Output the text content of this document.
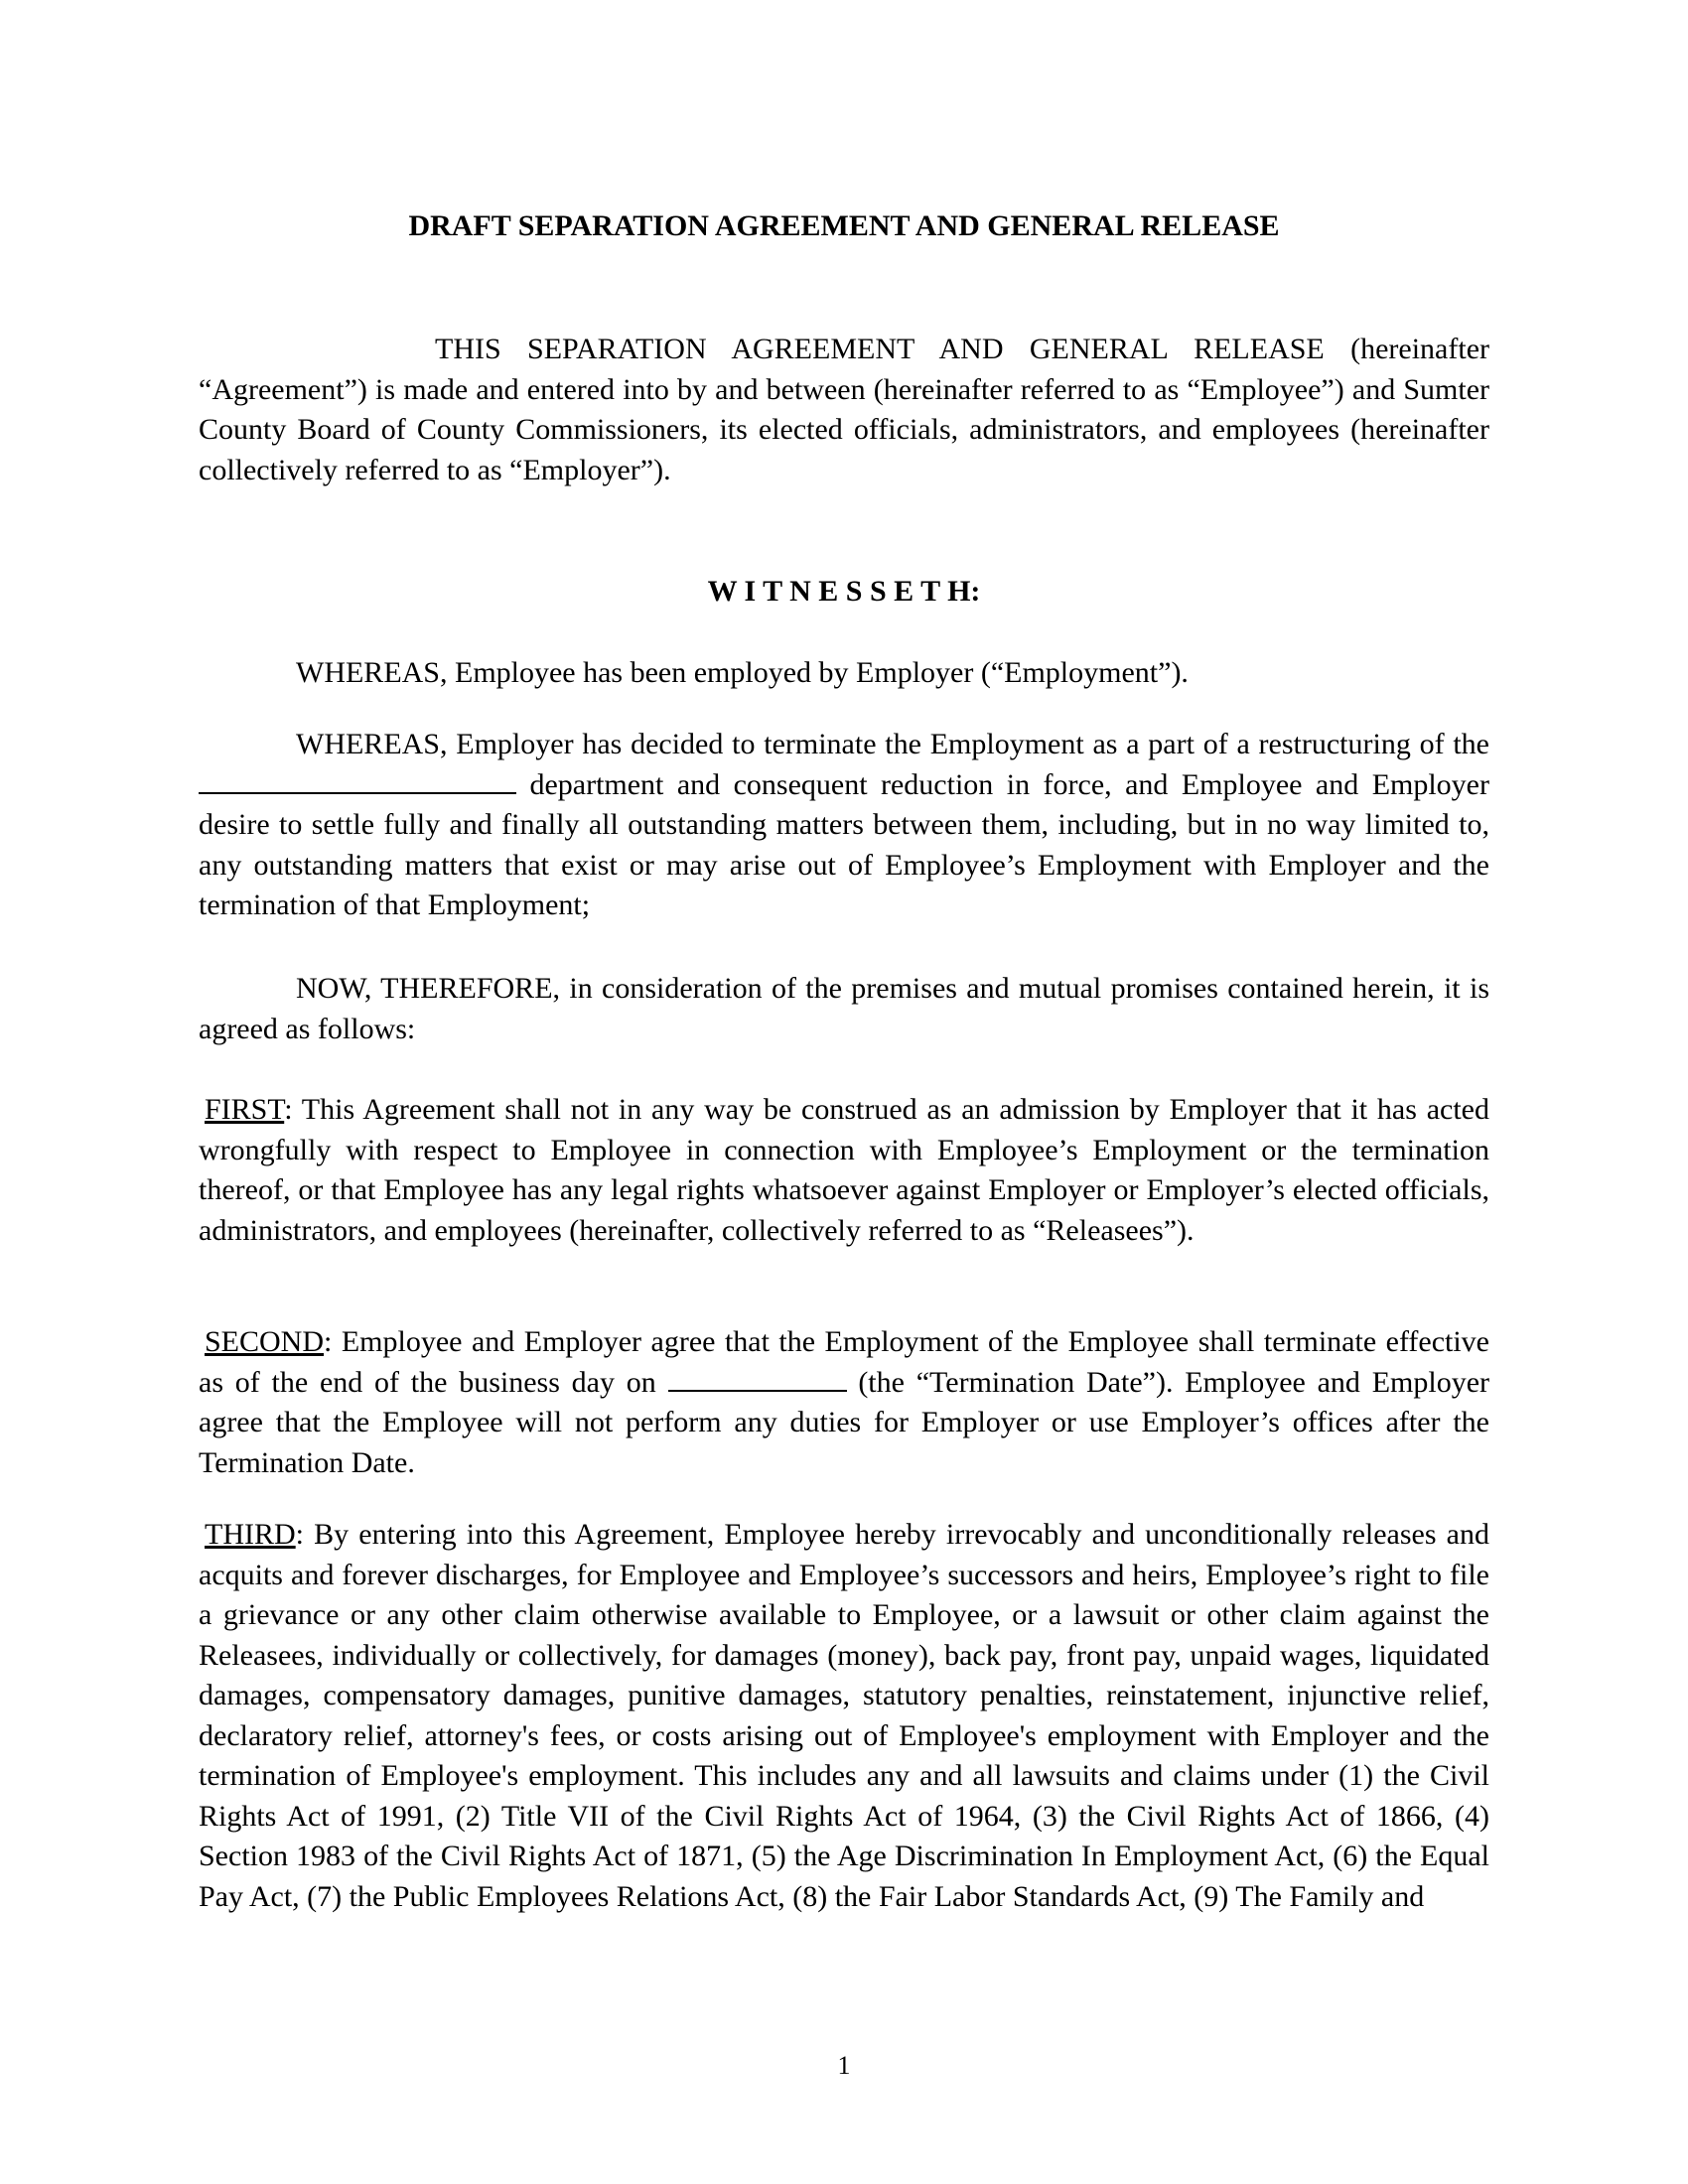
DRAFT SEPARATION AGREEMENT AND GENERAL RELEASE
THIS SEPARATION AGREEMENT AND GENERAL RELEASE (hereinafter “Agreement”) is made and entered into by and between (hereinafter referred to as “Employee”) and Sumter County Board of County Commissioners, its elected officials, administrators, and employees (hereinafter collectively referred to as “Employer”).
W I T N E S S E T H:
WHEREAS, Employee has been employed by Employer (“Employment”).
WHEREAS, Employer has decided to terminate the Employment as a part of a restructuring of the  department and consequent reduction in force, and Employee and Employer desire to settle fully and finally all outstanding matters between them, including, but in no way limited to, any outstanding matters that exist or may arise out of Employee’s Employment with Employer and the termination of that Employment;
NOW, THEREFORE, in consideration of the premises and mutual promises contained herein, it is agreed as follows:
FIRST: This Agreement shall not in any way be construed as an admission by Employer that it has acted wrongfully with respect to Employee in connection with Employee’s Employment or the termination thereof, or that Employee has any legal rights whatsoever against Employer or Employer’s elected officials, administrators, and employees (hereinafter, collectively referred to as “Releasees”).
SECOND: Employee and Employer agree that the Employment of the Employee shall terminate effective as of the end of the business day on	(the “Termination Date”). Employee and Employer agree that the Employee will not perform any duties for Employer or use Employer’s offices after the Termination Date.
THIRD: By entering into this Agreement, Employee hereby irrevocably and unconditionally releases and acquits and forever discharges, for Employee and Employee’s successors and heirs, Employee’s right to file a grievance or any other claim otherwise available to Employee, or a lawsuit or other claim against the Releasees, individually or collectively, for damages (money), back pay, front pay, unpaid wages, liquidated damages, compensatory damages, punitive damages, statutory penalties, reinstatement, injunctive relief, declaratory relief, attorney's fees, or costs arising out of Employee's employment with Employer and the termination of Employee's employment. This includes any and all lawsuits and claims under (1) the Civil Rights Act of 1991, (2) Title VII of the Civil Rights Act of 1964, (3) the Civil Rights Act of 1866, (4) Section 1983 of the Civil Rights Act of 1871, (5) the Age Discrimination In Employment Act, (6) the Equal Pay Act, (7) the Public Employees Relations Act, (8) the Fair Labor Standards Act, (9) The Family and
1
